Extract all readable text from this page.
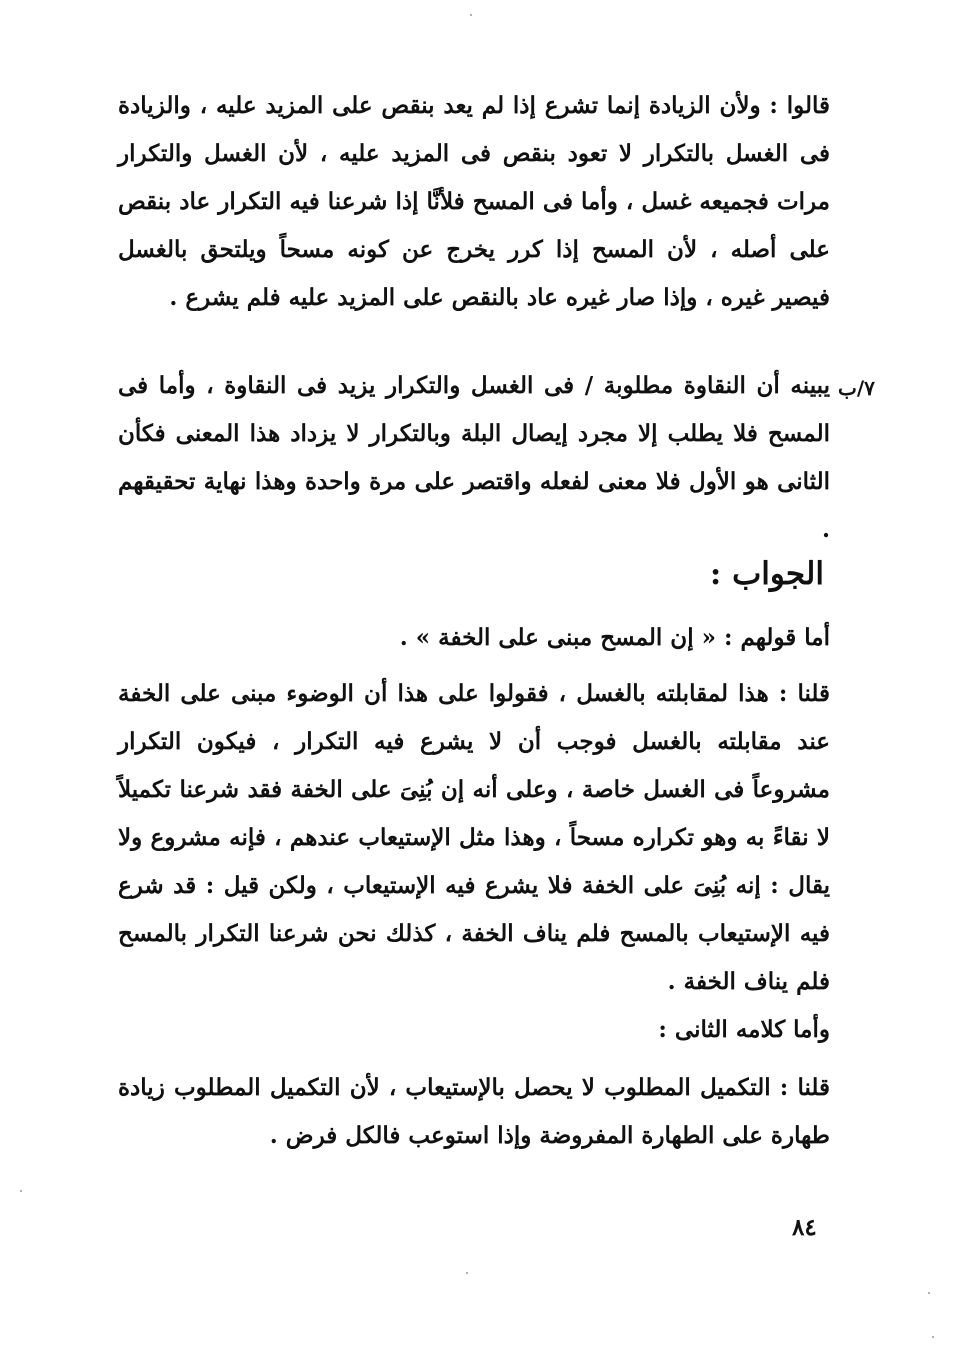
قالوا : ولأن الزيادة إنما تشرع إذا لم يعد بنقص على المزيد عليه ، والزيادة فى الغسل بالتكرار لا تعود بنقص فى المزيد عليه ، لأن الغسل والتكرار مرات فجميعه غسل ، وأما فى المسح فلأنَّا إذا شرعنا فيه التكرار عاد بنقص على أصله ، لأن المسح إذا كرر يخرج عن كونه مسحاً ويلتحق بالغسل فيصير غيره ، وإذا صار غيره عاد بالنقص على المزيد عليه فلم يشرع .

٧/ب

يبينه أن النقاوة مطلوبة / فى الغسل والتكرار يزيد فى النقاوة ، وأما فى المسح فلا يطلب إلا مجرد إيصال البلة وبالتكرار لا يزداد هذا المعنى فكأن الثانى هو الأول فلا معنى لفعله واقتصر على مرة واحدة وهذا نهاية تحقيقهم .

الجواب :

أما قولهم : « إن المسح مبنى على الخفة » .

قلنا : هذا لمقابلته بالغسل ، فقولوا على هذا أن الوضوء مبنى على الخفة عند مقابلته بالغسل فوجب أن لا يشرع فيه التكرار ، فيكون التكرار مشروعاً فى الغسل خاصة ، وعلى أنه إن بُنِىَ على الخفة فقد شرعنا تكميلاً لا نقاءً به وهو تكراره مسحاً ، وهذا مثل الإستيعاب عندهم ، فإنه مشروع ولا يقال : إنه بُنِىَ على الخفة فلا يشرع فيه الإستيعاب ، ولكن قيل : قد شرع فيه الإستيعاب بالمسح فلم يناف الخفة ، كذلك نحن شرعنا التكرار بالمسح فلم يناف الخفة .

وأما كلامه الثانى :

قلنا : التكميل المطلوب لا يحصل بالإستيعاب ، لأن التكميل المطلوب زيادة طهارة على الطهارة المفروضة وإذا استوعب فالكل فرض .

٨٤
